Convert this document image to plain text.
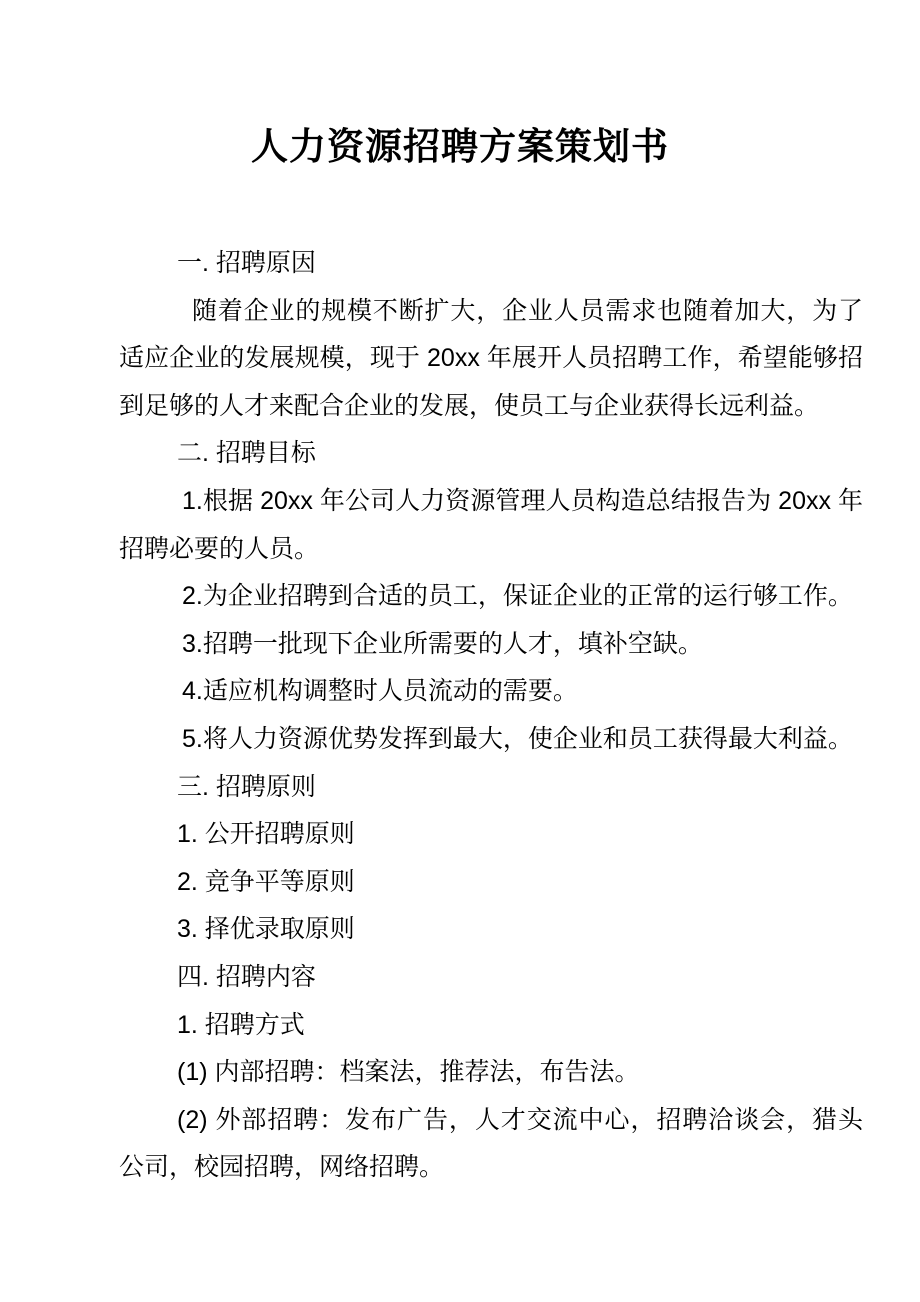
人力资源招聘方案策划书

一. 招聘原因

随着企业的规模不断扩大，企业人员需求也随着加大，为了适应企业的发展规模，现于 20xx 年展开人员招聘工作，希望能够招到足够的人才来配合企业的发展，使员工与企业获得长远利益。

二. 招聘目标

1.根据 20xx 年公司人力资源管理人员构造总结报告为 20xx 年招聘必要的人员。

2.为企业招聘到合适的员工，保证企业的正常的运行够工作。

3.招聘一批现下企业所需要的人才，填补空缺。

4.适应机构调整时人员流动的需要。

5.将人力资源优势发挥到最大，使企业和员工获得最大利益。

三. 招聘原则

1. 公开招聘原则

2. 竞争平等原则

3. 择优录取原则

四. 招聘内容

1. 招聘方式

(1) 内部招聘：档案法，推荐法，布告法。

(2) 外部招聘：发布广告，人才交流中心，招聘洽谈会，猎头公司，校园招聘，网络招聘。
